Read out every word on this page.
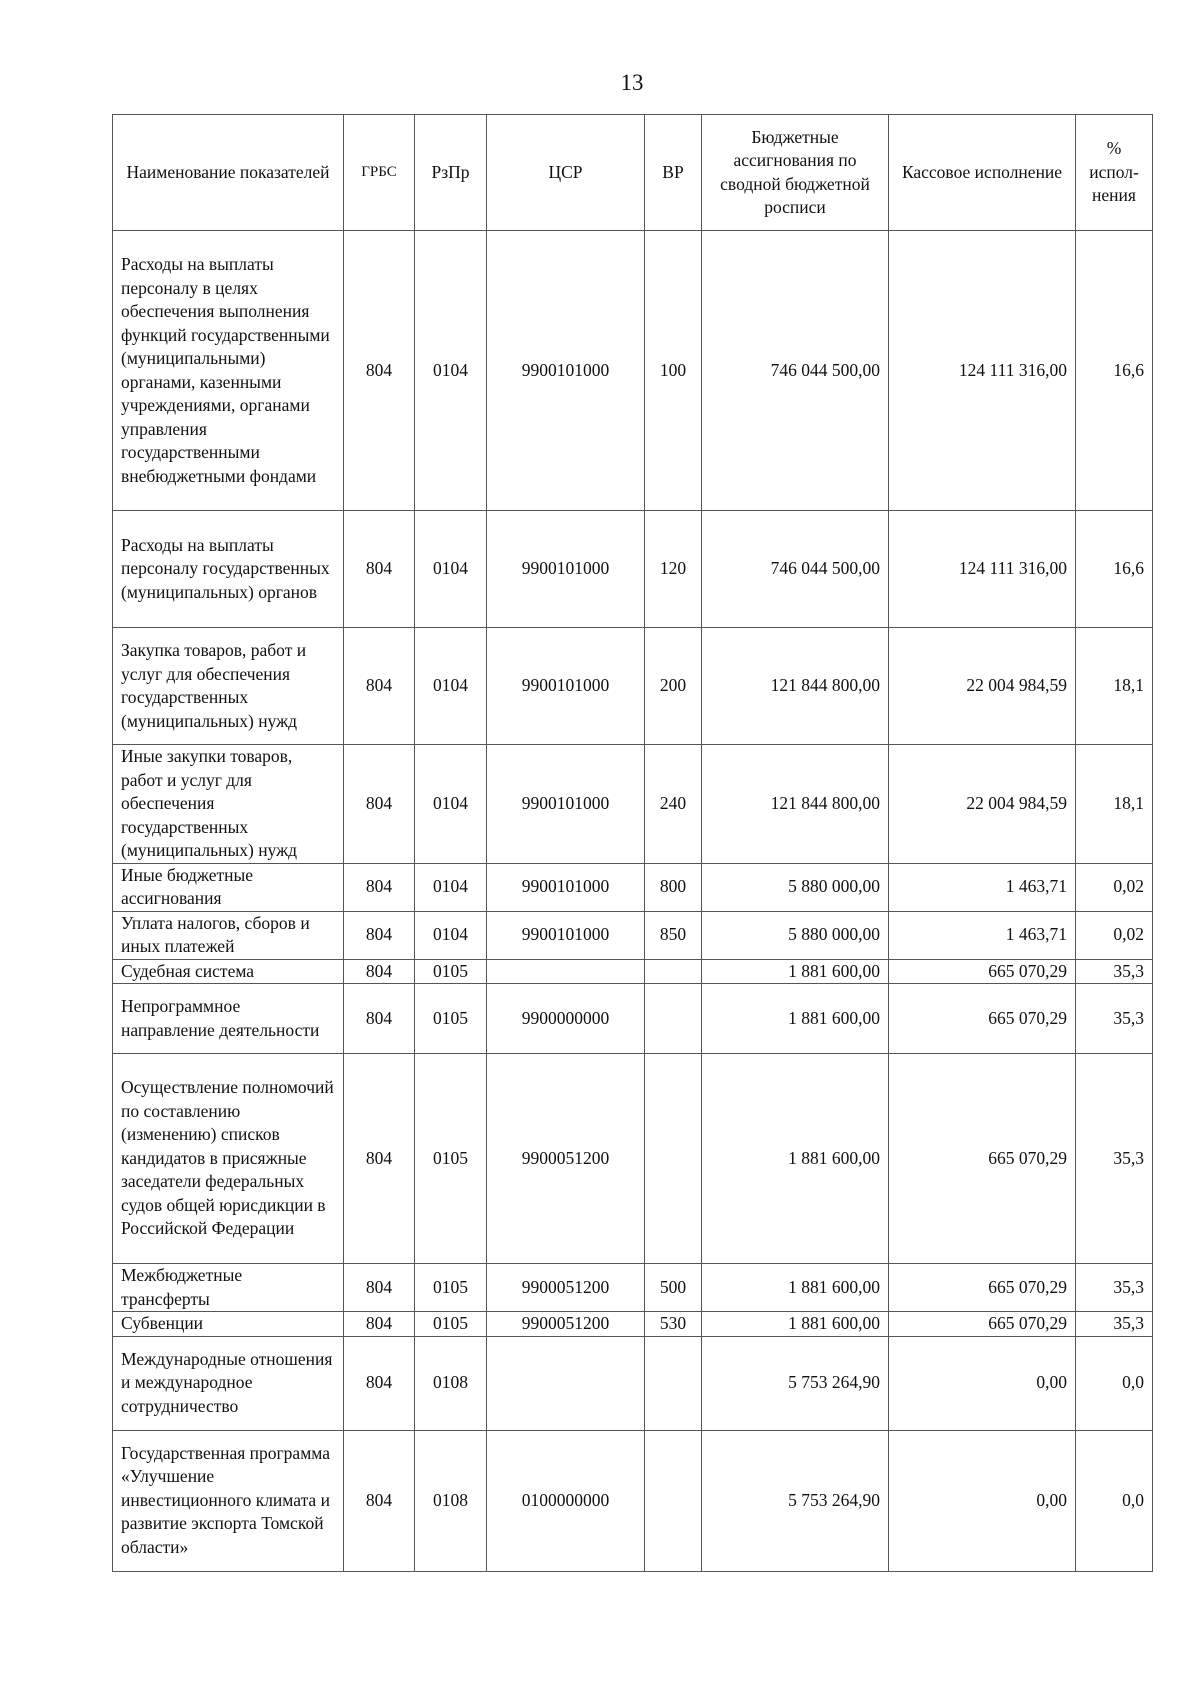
13
Наименование показателей	ГРБС	РзПр	ЦСР	ВР	Бюджетные ассигнования по сводной бюджетной росписи	Кассовое исполнение	% испол-нения
Расходы на выплаты персоналу в целях обеспечения выполнения функций государственными (муниципальными) органами, казенными учреждениями, органами управления государственными внебюджетными фондами	804	0104	9900101000	100	746 044 500,00	124 111 316,00	16,6
Расходы на выплаты персоналу государственных (муниципальных) органов	804	0104	9900101000	120	746 044 500,00	124 111 316,00	16,6
Закупка товаров, работ и услуг для обеспечения государственных (муниципальных) нужд	804	0104	9900101000	200	121 844 800,00	22 004 984,59	18,1
Иные закупки товаров, работ и услуг для обеспечения государственных (муниципальных) нужд	804	0104	9900101000	240	121 844 800,00	22 004 984,59	18,1
Иные бюджетные ассигнования	804	0104	9900101000	800	5 880 000,00	1 463,71	0,02
Уплата налогов, сборов и иных платежей	804	0104	9900101000	850	5 880 000,00	1 463,71	0,02
Судебная система	804	0105			1 881 600,00	665 070,29	35,3
Непрограммное направление деятельности	804	0105	9900000000		1 881 600,00	665 070,29	35,3
Осуществление полномочий по составлению (изменению) списков кандидатов в присяжные заседатели федеральных судов общей юрисдикции в Российской Федерации	804	0105	9900051200		1 881 600,00	665 070,29	35,3
Межбюджетные трансферты	804	0105	9900051200	500	1 881 600,00	665 070,29	35,3
Субвенции	804	0105	9900051200	530	1 881 600,00	665 070,29	35,3
Международные отношения и международное сотрудничество	804	0108			5 753 264,90	0,00	0,0
Государственная программа «Улучшение инвестиционного климата и развитие экспорта Томской области»	804	0108	0100000000		5 753 264,90	0,00	0,0
